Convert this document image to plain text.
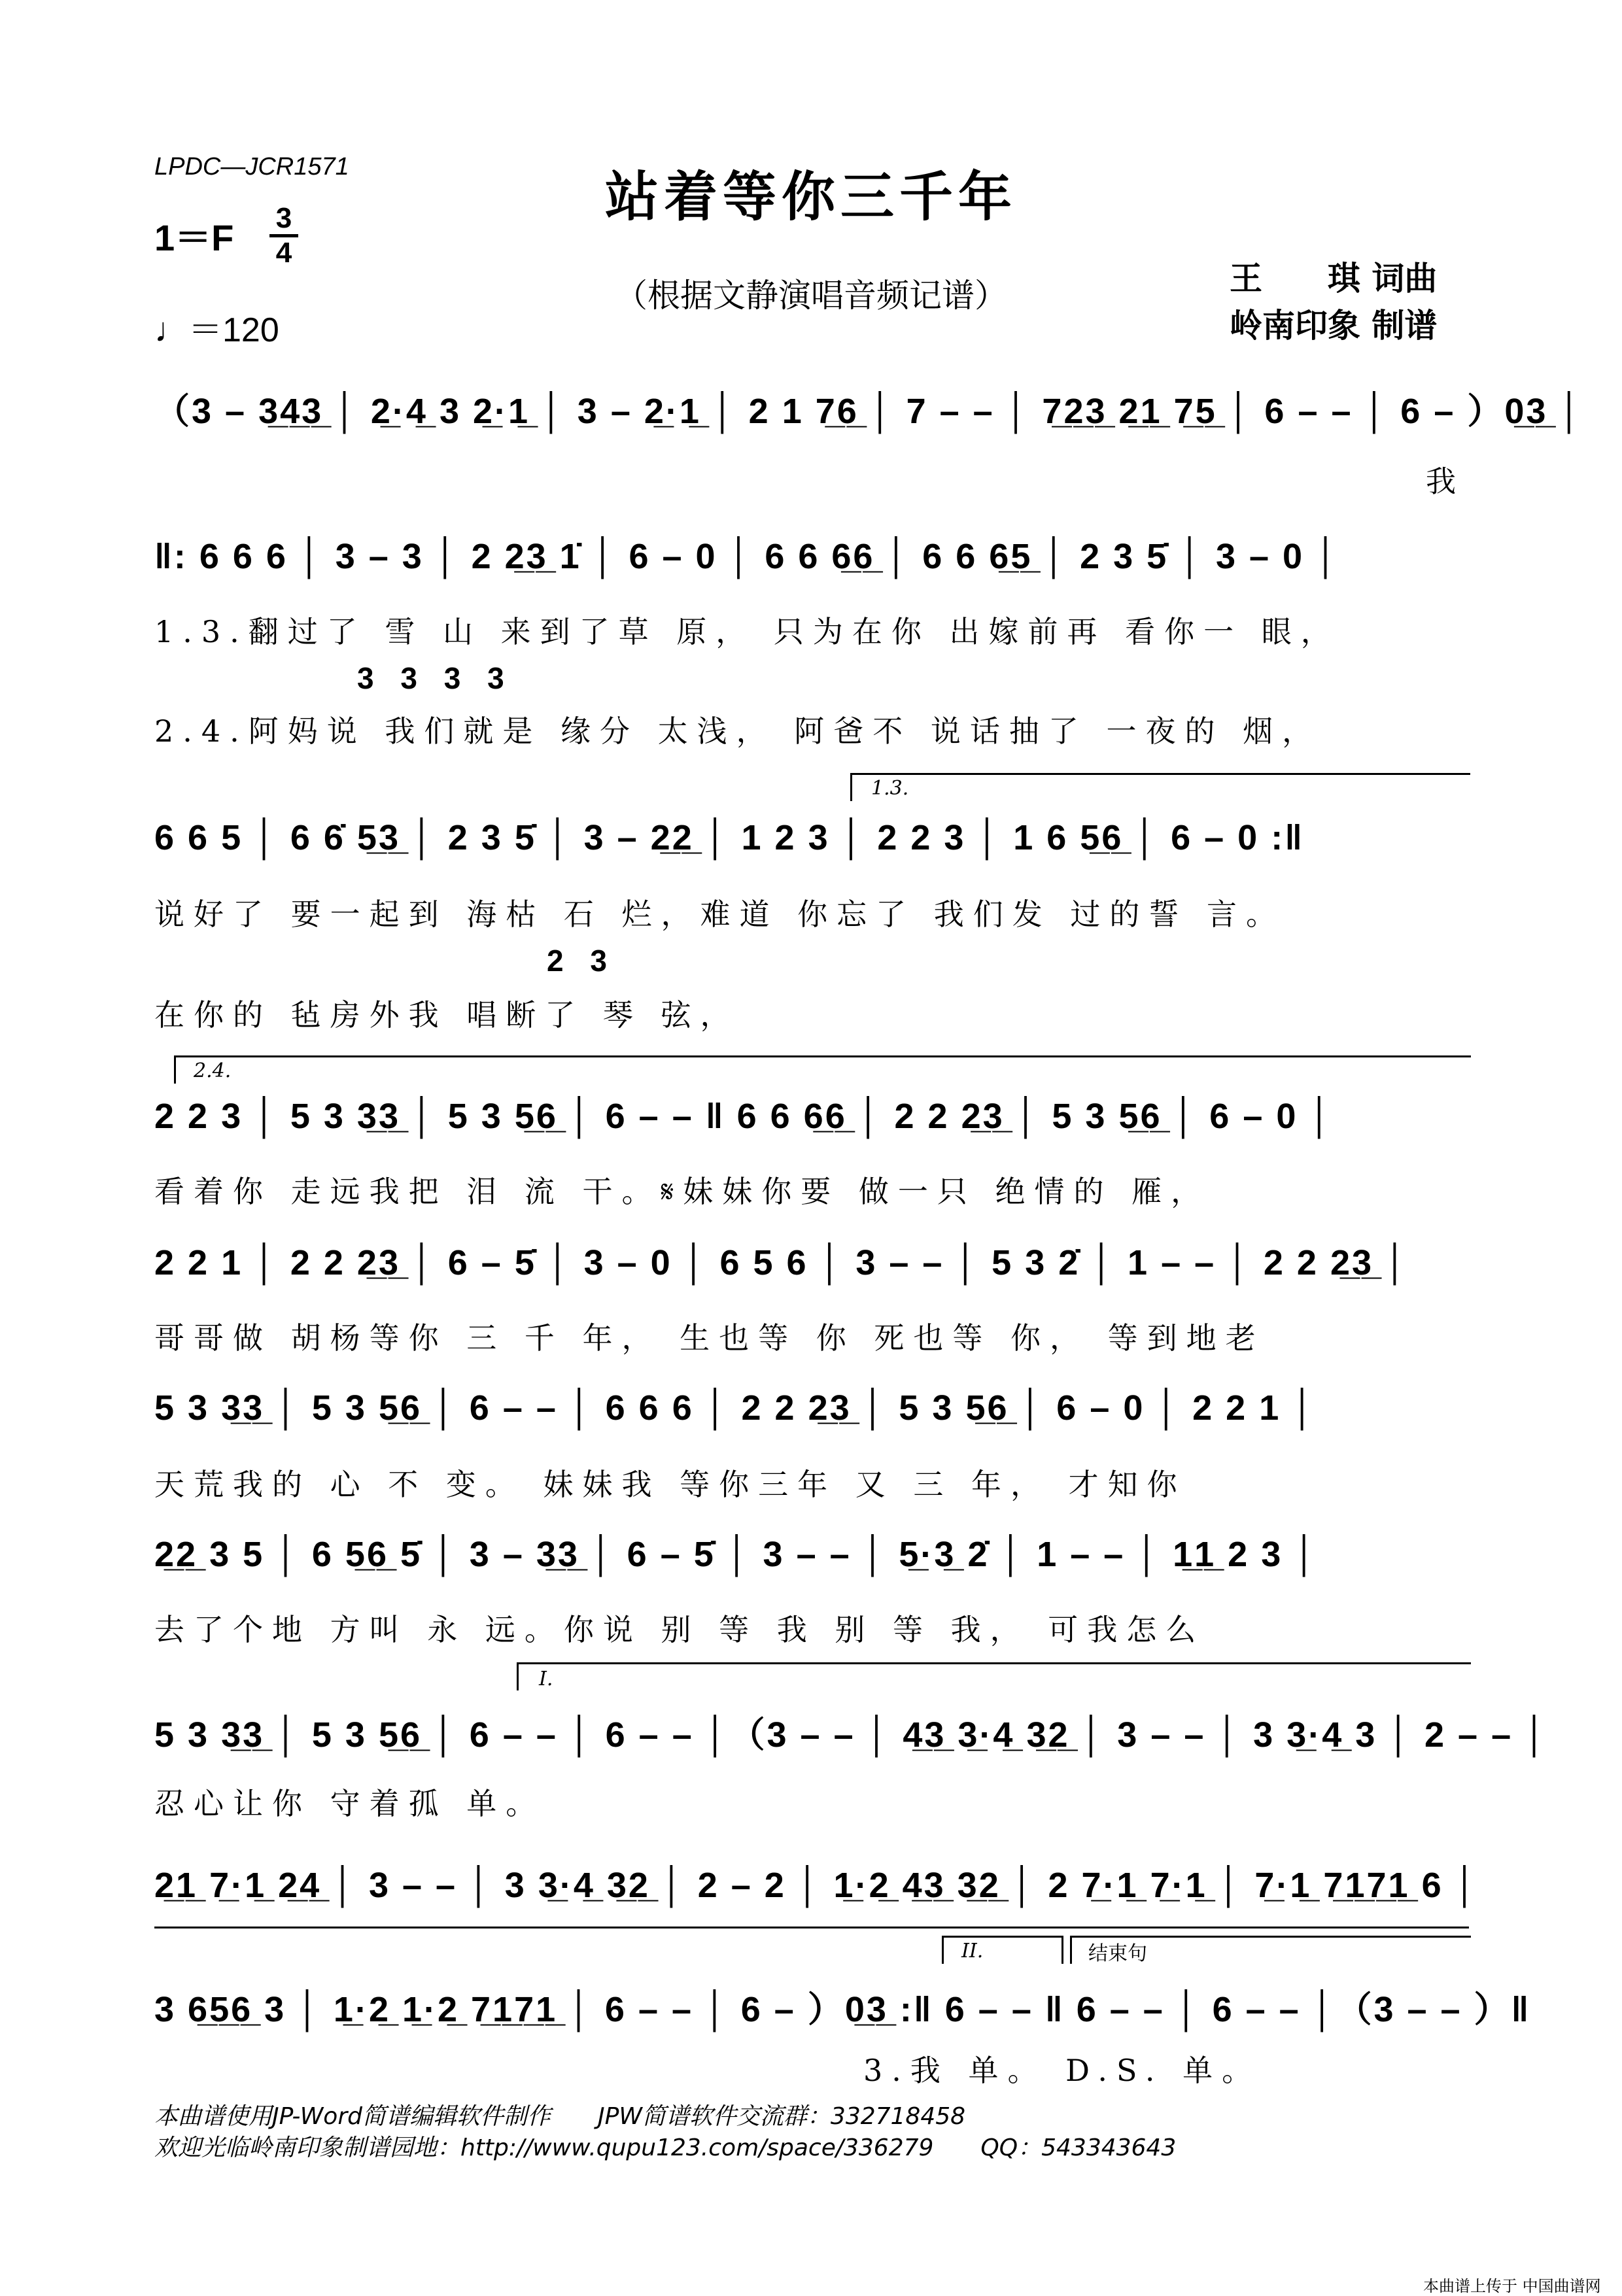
LPDC—JCR1571	站着等你三千年
（根据文静演唱音频记谱）
1＝F 3
4
♩＝120
王　　琪 词曲
岭南印象 制谱
（3 – 3̲4̲3̲ │ 2̲·4̲ 3 2̲·1̲ │ 3 – 2̲·1̲ │ 2 1 7̲6̲ │ 7 – – │ 7̲2̲3̲ 2̲1̲ 7̲5̲ │ 6 – – │ 6 – ）0̲3̲ │
我
‖: 6 6 6 │ 3 – 3 │ 2 2̲3̲ 1̇ │ 6 – 0 │ 6 6 6̲6̲ │ 6 6 6̲5̲ │ 2 3 5̇ │ 3 – 0 │
1.3.翻过了 雪 山 来到了草 原， 只为在你 出嫁前再 看你一 眼，
3 3 3 3
2.4.阿妈说 我们就是 缘分 太浅， 阿爸不 说话抽了 一夜的 烟，
1.3.
6 6 5 │ 6 6̇ 5̲3̲ │ 2 3 5̇ │ 3 – 2̲2̲ │ 1 2 3 │ 2 2 3 │ 1 6 5̲6̲ │ 6 – 0 :‖
说好了 要一起到 海枯 石 烂，难道 你忘了 我们发 过的誓 言。
2 3
在你的 毡房外我 唱断了 琴 弦，
2.4.
2 2 3 │ 5 3 3̲3̲ │ 5 3 5̲6̲ │ 6 – – ‖ 6 6 6̲6̲ │ 2 2 2̲3̲ │ 5 3 5̲6̲ │ 6 – 0 │
看着你 走远我把 泪 流 干。𝄋妹妹你要 做一只 绝情的 雁，
2 2 1 │ 2 2 2̲3̲ │ 6 – 5̇ │ 3 – 0 │ 6 5 6 │ 3 – – │ 5 3 2̇ │ 1 – – │ 2 2 2̲3̲ │
哥哥做 胡杨等你 三 千 年， 生也等 你 死也等 你， 等到地老
5 3 3̲3̲ │ 5 3 5̲6̲ │ 6 – – │ 6 6 6 │ 2 2 2̲3̲ │ 5 3 5̲6̲ │ 6 – 0 │ 2 2 1 │
天荒我的 心 不 变。 妹妹我 等你三年 又 三 年， 才知你
2̲2̲ 3 5 │ 6 5̲6̲ 5̇ │ 3 – 3̲3̲ │ 6 – 5̇ │ 3 – – │ 5̲·3̲ 2̇ │ 1 – – │ 1̲1̲ 2 3 │
去了个地 方叫 永 远。你说 别 等 我 别 等 我， 可我怎么
I.
5 3 3̲3̲ │ 5 3 5̲6̲ │ 6 – – │ 6 – – │（3 – – │ 4̲3̲ 3̲·4̲ 3̲2̲ │ 3 – – │ 3 3̲·4̲ 3 │ 2 – – │
忍心让你 守着孤 单。
2̲1̲ 7̲·1̲ 2̲4̲ │ 3 – – │ 3 3̲·4̲ 3̲2̲ │ 2 – 2 │ 1̲·2̲ 4̲3̲ 3̲2̲ │ 2 7̲·1̲ 7̲·1̲ │ 7̲·1̲ 7̲1̲7̲1̲ 6 │
II.	结束句
3 6̲5̲6̲ 3 │ 1̲·2̲ 1̲·2̲ 7̲1̲7̲1̲ │ 6 – – │ 6 – ）0̲3̲ :‖ 6 – – ‖ 6 – – │ 6 – – │（3 – – ）‖
3.我 单。 D.S. 单。
本曲谱使用JP-Word简谱编辑软件制作　　JPW简谱软件交流群：332718458
欢迎光临岭南印象制谱园地：http://www.qupu123.com/space/336279　　QQ：543343643
本曲谱上传于 中国曲谱网
